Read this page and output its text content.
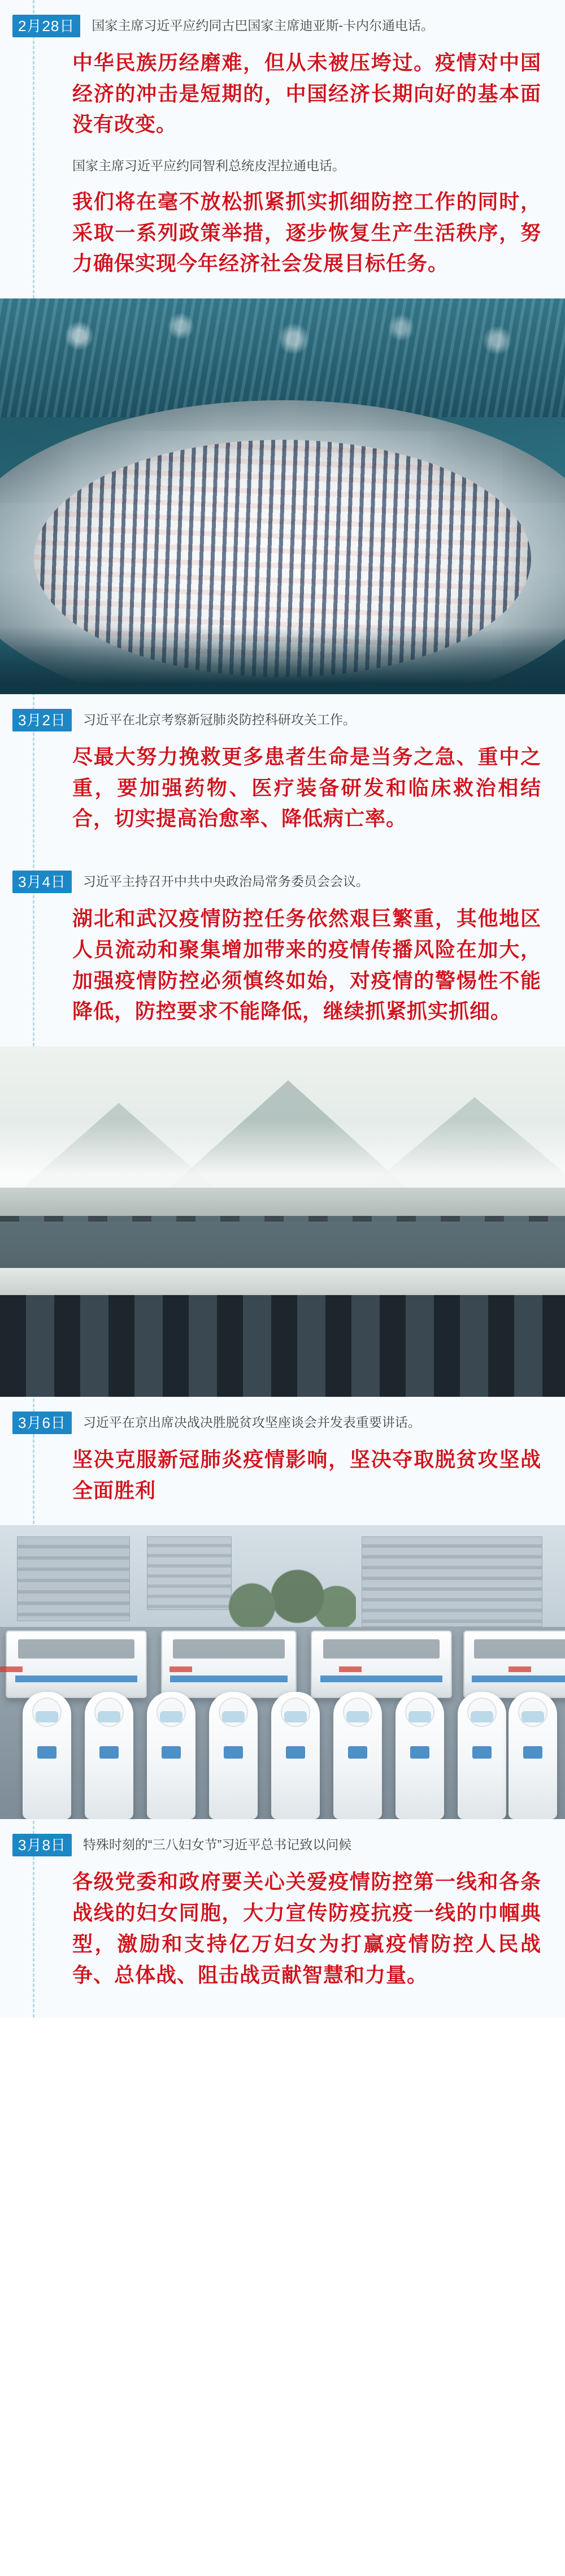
2月28日	国家主席习近平应约同古巴国家主席迪亚斯-卡内尔通电话。
中华民族历经磨难，但从未被压垮过。疫情对中国经济的冲击是短期的，中国经济长期向好的基本面没有改变。
国家主席习近平应约同智利总统皮涅拉通电话。
我们将在毫不放松抓紧抓实抓细防控工作的同时，采取一系列政策举措，逐步恢复生产生活秩序，努力确保实现今年经济社会发展目标任务。
3月2日	习近平在北京考察新冠肺炎防控科研攻关工作。
尽最大努力挽救更多患者生命是当务之急、重中之重，要加强药物、医疗装备研发和临床救治相结合，切实提高治愈率、降低病亡率。
3月4日	习近平主持召开中共中央政治局常务委员会会议。
湖北和武汉疫情防控任务依然艰巨繁重，其他地区人员流动和聚集增加带来的疫情传播风险在加大，加强疫情防控必须慎终如始，对疫情的警惕性不能降低，防控要求不能降低，继续抓紧抓实抓细。
3月6日	习近平在京出席决战决胜脱贫攻坚座谈会并发表重要讲话。
坚决克服新冠肺炎疫情影响，坚决夺取脱贫攻坚战全面胜利
3月8日	特殊时刻的“三八妇女节”习近平总书记致以问候
各级党委和政府要关心关爱疫情防控第一线和各条战线的妇女同胞，大力宣传防疫抗疫一线的巾帼典型，激励和支持亿万妇女为打赢疫情防控人民战争、总体战、阻击战贡献智慧和力量。
